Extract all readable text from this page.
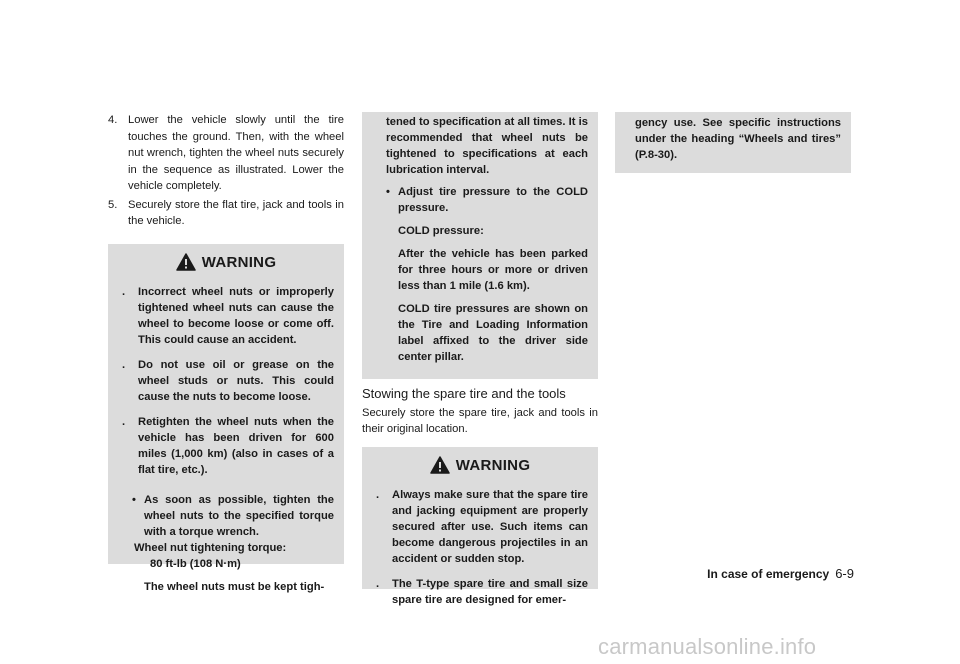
4. Lower the vehicle slowly until the tire touches the ground. Then, with the wheel nut wrench, tighten the wheel nuts securely in the sequence as illustrated. Lower the vehicle completely.
5. Securely store the flat tire, jack and tools in the vehicle.
WARNING
. Incorrect wheel nuts or improperly tightened wheel nuts can cause the wheel to become loose or come off. This could cause an accident.
. Do not use oil or grease on the wheel studs or nuts. This could cause the nuts to become loose.
. Retighten the wheel nuts when the vehicle has been driven for 600 miles (1,000 km) (also in cases of a flat tire, etc.).
• As soon as possible, tighten the wheel nuts to the specified torque with a torque wrench.
Wheel nut tightening torque:
80 ft-lb (108 N·m)
The wheel nuts must be kept tigh-
tened to specification at all times. It is recommended that wheel nuts be tightened to specifications at each lubrication interval.
• Adjust tire pressure to the COLD pressure.
COLD pressure:
After the vehicle has been parked for three hours or more or driven less than 1 mile (1.6 km).
COLD tire pressures are shown on the Tire and Loading Information label affixed to the driver side center pillar.
Stowing the spare tire and the tools
Securely store the spare tire, jack and tools in their original location.
WARNING
. Always make sure that the spare tire and jacking equipment are properly secured after use. Such items can become dangerous projectiles in an accident or sudden stop.
. The T-type spare tire and small size spare tire are designed for emer-
gency use. See specific instructions under the heading “Wheels and tires” (P.8-30).
In case of emergency 6-9
carmanualsonline.info
